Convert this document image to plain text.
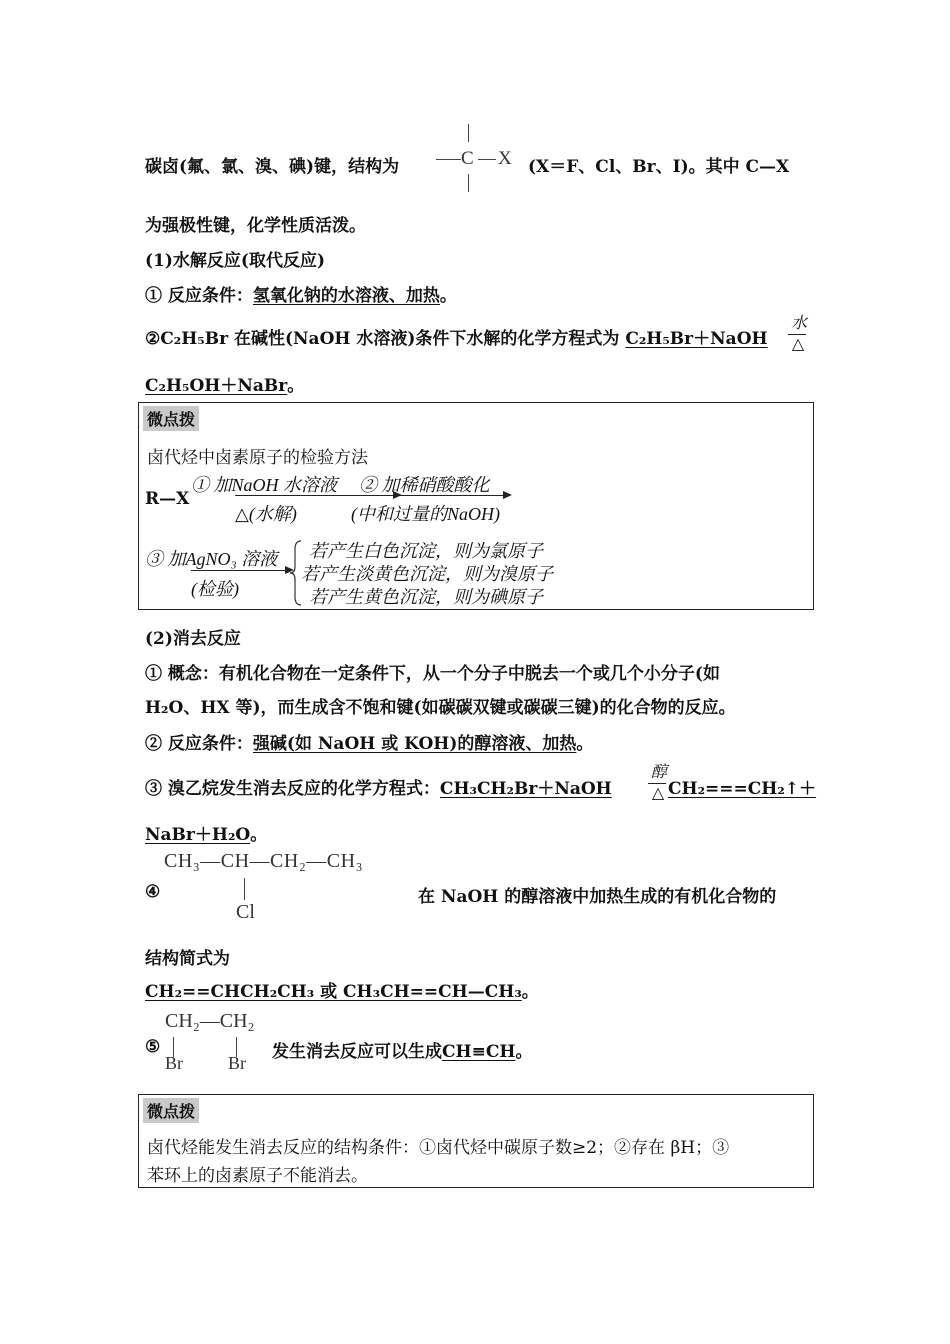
碳卤(氟、氯、溴、碘)键，结构为	C X (X＝F、Cl、Br、I)。其中 C—X
为强极性键，化学性质活泼。
(1)水解反应(取代反应)
① 反应条件：氢氧化钠的水溶液、加热。
②C₂H₅Br 在碱性(NaOH 水溶液)条件下水解的化学方程式为 C₂H₅Br＋NaOH
水
△
C₂H₅OH＋NaBr。
微点拨
卤代烃中卤素原子的检验方法
R—X
① 加NaOH 水溶液
△(水解)
② 加稀硝酸酸化
(中和过量的NaOH)
③ 加AgNO₃ 溶液
(检验)
若产生白色沉淀，则为氯原子
若产生淡黄色沉淀，则为溴原子
若产生黄色沉淀，则为碘原子
(2)消去反应
① 概念：有机化合物在一定条件下，从一个分子中脱去一个或几个小分子(如
H₂O、HX 等)，而生成含不饱和键(如碳碳双键或碳碳三键)的化合物的反应。
② 反应条件：强碱(如 NaOH 或 KOH)的醇溶液、加热。
③ 溴乙烷发生消去反应的化学方程式：CH₃CH₂Br＋NaOH
醇
△ CH₂===CH₂↑＋
NaBr＋H₂O。
④
CH₃—CH—CH₂—CH₃
Cl
在 NaOH 的醇溶液中加热生成的有机化合物的
结构简式为
CH₂==CHCH₂CH₃ 或 CH₃CH==CH—CH₃。
⑤
CH₂—CH₂
Br	Br
发生消去反应可以生成CH≡CH。
微点拨
卤代烃能发生消去反应的结构条件：①卤代烃中碳原子数≥2；②存在 βH；③
苯环上的卤素原子不能消去。
